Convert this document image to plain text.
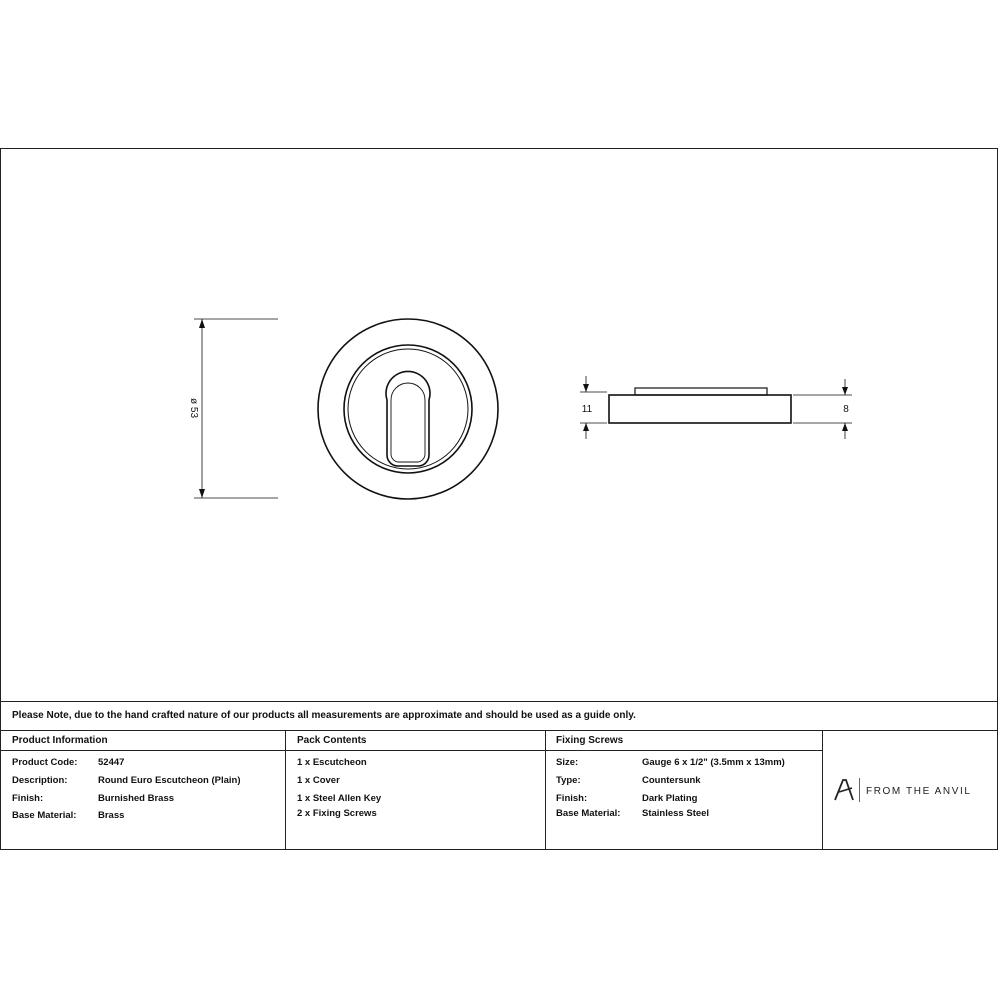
ø 53	11	8
Please Note, due to the hand crafted nature of our products all measurements are approximate and should be used as a guide only.
Product Information
Product Code: 52447
Description:	Round Euro Escutcheon (Plain)
Finish:	Burnished Brass
Base Material: Brass
Pack Contents
1 x Escutcheon
1 x Cover
1 x Steel Allen Key
2 x Fixing Screws
Fixing Screws
Size:	Gauge 6 x 1/2" (3.5mm x 13mm)
Type:	Countersunk
Finish:	Dark Plating
Base Material: Stainless Steel
FROM THE ANVIL
